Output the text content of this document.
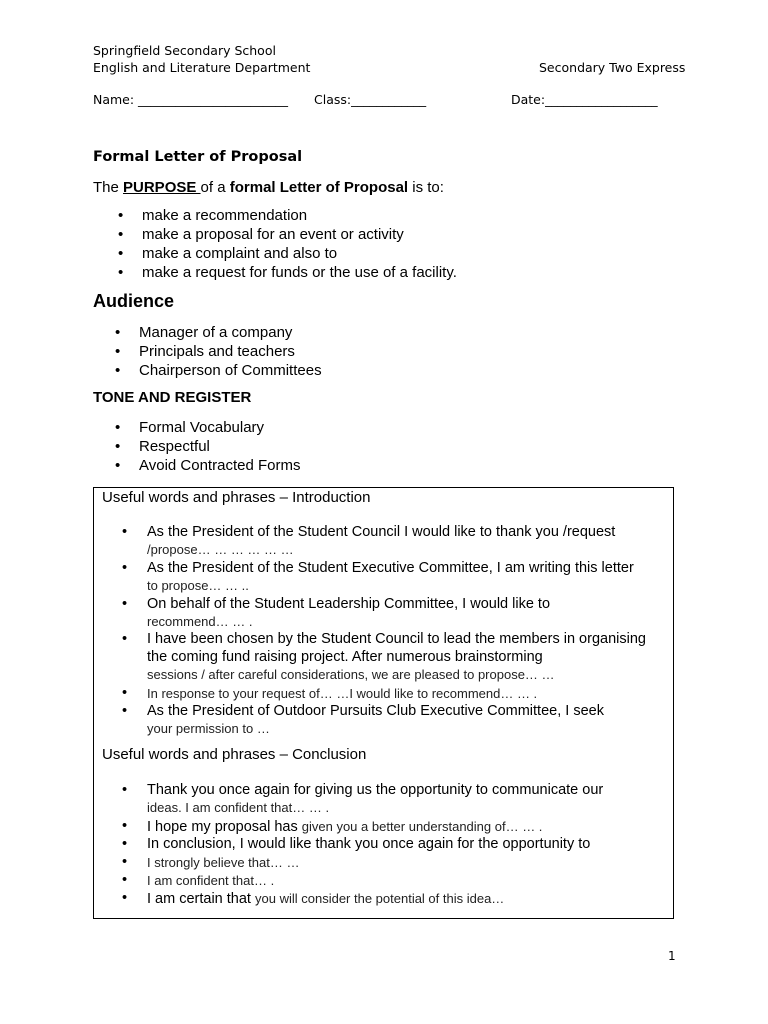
Springfield Secondary School
English and Literature Department	Secondary Two Express
Name: ________________________ Class:____________	Date:__________________
Formal Letter of Proposal
The PURPOSE of a formal Letter of Proposal is to:
• make a recommendation
• make a proposal for an event or activity
• make a complaint and also to
• make a request for funds or the use of a facility.
Audience
• Manager of a company
• Principals and teachers
• Chairperson of Committees
TONE AND REGISTER
• Formal Vocabulary
• Respectful
• Avoid Contracted Forms
Useful words and phrases – Introduction
• As the President of the Student Council I would like to thank you /request
/propose… … … … … …
• As the President of the Student Executive Committee, I am writing this letter
to propose… … ..
• On behalf of the Student Leadership Committee, I would like to
recommend… … .
• I have been chosen by the Student Council to lead the members in organising the coming fund raising project. After numerous brainstorming
sessions / after careful considerations, we are pleased to propose… …
• In response to your request of… …I would like to recommend… … .
• As the President of Outdoor Pursuits Club Executive Committee, I seek
your permission to …
Useful words and phrases – Conclusion
• Thank you once again for giving us the opportunity to communicate our
ideas. I am confident that… … .
• I hope my proposal has given you a better understanding of… … .
• In conclusion, I would like thank you once again for the opportunity to
• I strongly believe that… …
• I am confident that… .
• I am certain that you will consider the potential of this idea…
1
